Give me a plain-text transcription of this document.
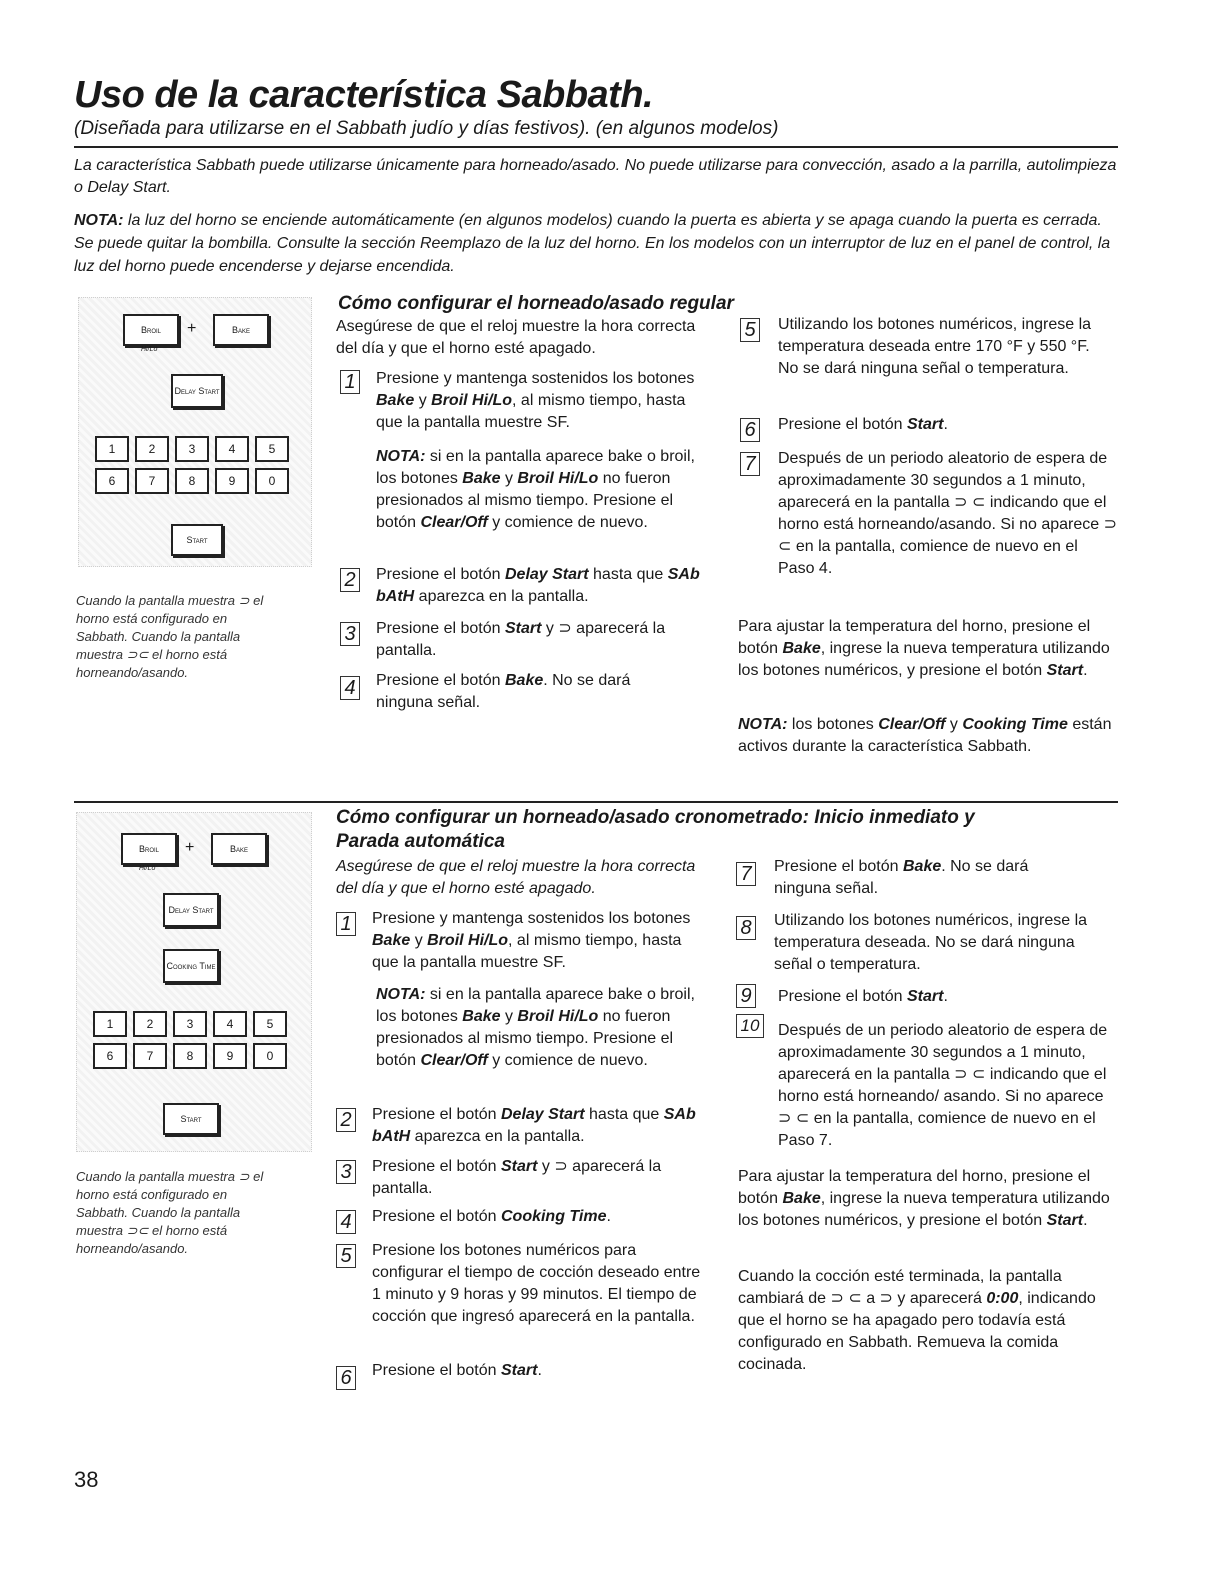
Uso de la característica Sabbath.
(Diseñada para utilizarse en el Sabbath judío y días festivos). (en algunos modelos)
La característica Sabbath puede utilizarse únicamente para horneado/asado. No puede utilizarse para convección, asado a la parrilla, autolimpieza o Delay Start.
NOTA: la luz del horno se enciende automáticamente (en algunos modelos) cuando la puerta es abierta y se apaga cuando la puerta es cerrada. Se puede quitar la bombilla. Consulte la sección Reemplazo de la luz del horno. En los modelos con un interruptor de luz en el panel de control, la luz del horno puede encenderse y dejarse encendida.
Broil
Hi/Lo
+	Bake
Delay Start
1	2	3	4	5
6	7	8	9	0
Start
Cuando la pantalla muestra ⊃ el horno está configurado en Sabbath. Cuando la pantalla muestra ⊃⊂ el horno está horneando/asando.
Cómo configurar el horneado/asado regular
Asegúrese de que el reloj muestre la hora correcta del día y que el horno esté apagado.
1 Presione y mantenga sostenidos los botones Bake y Broil Hi/Lo, al mismo tiempo, hasta que la pantalla muestre SF.
NOTA: si en la pantalla aparece bake o broil, los botones Bake y Broil Hi/Lo no fueron presionados al mismo tiempo. Presione el botón Clear/Off y comience de nuevo.
2 Presione el botón Delay Start hasta que SAb bAtH aparezca en la pantalla.
3 Presione el botón Start y ⊃ aparecerá la pantalla.
4 Presione el botón Bake. No se dará ninguna señal.
5 Utilizando los botones numéricos, ingrese la temperatura deseada entre 170 °F y 550 °F. No se dará ninguna señal o temperatura.
6 Presione el botón Start.
7 Después de un periodo aleatorio de espera de aproximadamente 30 segundos a 1 minuto, aparecerá en la pantalla ⊃ ⊂ indicando que el horno está horneando/asando. Si no aparece ⊃ ⊂ en la pantalla, comience de nuevo en el Paso 4.
Para ajustar la temperatura del horno, presione el botón Bake, ingrese la nueva temperatura utilizando los botones numéricos, y presione el botón Start.
NOTA: los botones Clear/Off y Cooking Time están activos durante la característica Sabbath.
Broil
Hi/Lo
+	Bake
Delay Start
Cooking Time
1	2	3	4	5
6	7	8	9	0
Start
Cuando la pantalla muestra ⊃ el horno está configurado en Sabbath. Cuando la pantalla muestra ⊃⊂ el horno está horneando/asando.
Cómo configurar un horneado/asado cronometrado: Inicio inmediato y Parada automática
Asegúrese de que el reloj muestre la hora correcta del día y que el horno esté apagado.
1 Presione y mantenga sostenidos los botones Bake y Broil Hi/Lo, al mismo tiempo, hasta que la pantalla muestre SF.
NOTA: si en la pantalla aparece bake o broil, los botones Bake y Broil Hi/Lo no fueron presionados al mismo tiempo. Presione el botón Clear/Off y comience de nuevo.
2 Presione el botón Delay Start hasta que SAb bAtH aparezca en la pantalla.
3 Presione el botón Start y ⊃ aparecerá la pantalla.
4 Presione el botón Cooking Time.
5 Presione los botones numéricos para configurar el tiempo de cocción deseado entre 1 minuto y 9 horas y 99 minutos. El tiempo de cocción que ingresó aparecerá en la pantalla.
6 Presione el botón Start.
7 Presione el botón Bake. No se dará ninguna señal.
8 Utilizando los botones numéricos, ingrese la temperatura deseada. No se dará ninguna señal o temperatura.
9 Presione el botón Start.
10 Después de un periodo aleatorio de espera de aproximadamente 30 segundos a 1 minuto, aparecerá en la pantalla ⊃ ⊂ indicando que el horno está horneando/ asando. Si no aparece ⊃ ⊂ en la pantalla, comience de nuevo en el Paso 7.
Para ajustar la temperatura del horno, presione el botón Bake, ingrese la nueva temperatura utilizando los botones numéricos, y presione el botón Start.
Cuando la cocción esté terminada, la pantalla cambiará de ⊃ ⊂ a ⊃ y aparecerá 0:00, indicando que el horno se ha apagado pero todavía está configurado en Sabbath. Remueva la comida cocinada.
38
